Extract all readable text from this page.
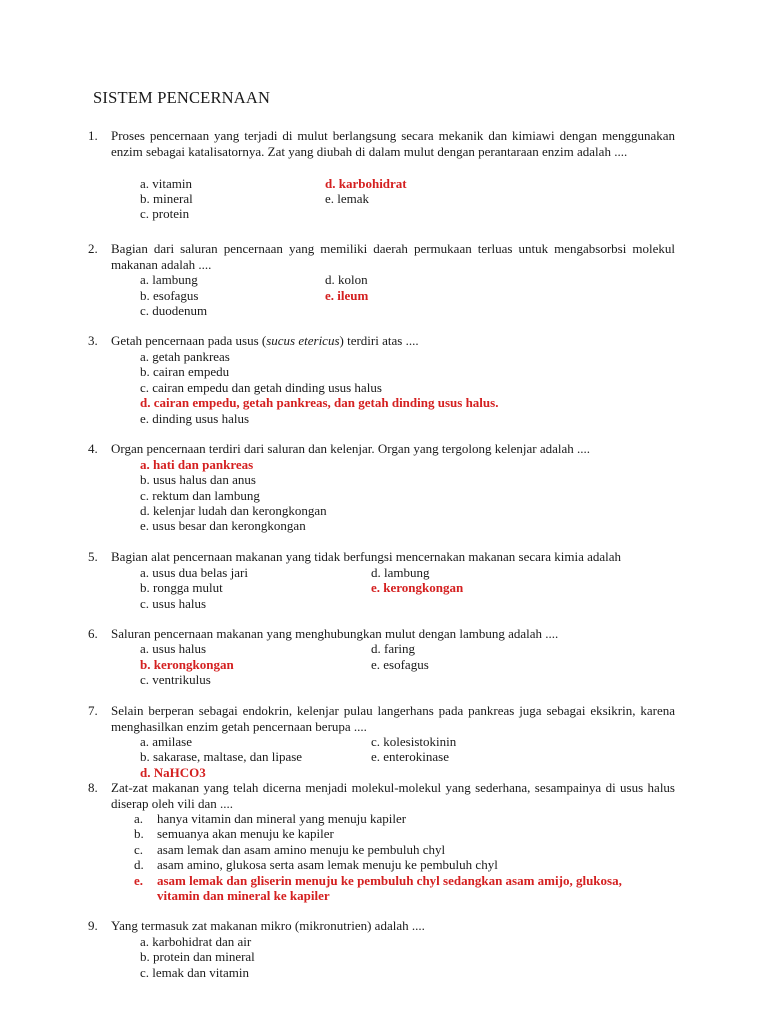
SISTEM PENCERNAAN
1. Proses pencernaan yang terjadi di mulut berlangsung secara mekanik dan kimiawi dengan menggunakan enzim sebagai katalisatornya. Zat yang diubah di dalam mulut dengan perantaraan enzim adalah ....
a. vitamin
b. mineral
c. protein
d. karbohidrat
e. lemak
2. Bagian dari saluran pencernaan yang memiliki daerah permukaan terluas untuk mengabsorbsi molekul makanan adalah ....
a. lambung
b. esofagus
c. duodenum
d. kolon
e. ileum
3. Getah pencernaan pada usus (sucus etericus) terdiri atas ....
a. getah pankreas
b. cairan empedu
c. cairan empedu dan getah dinding usus halus
d. cairan empedu, getah pankreas, dan getah dinding usus halus.
e. dinding usus halus
4. Organ pencernaan terdiri dari saluran dan kelenjar. Organ yang tergolong kelenjar adalah ....
a. hati dan pankreas
b. usus halus dan anus
c. rektum dan lambung
d. kelenjar ludah dan kerongkongan
e. usus besar dan kerongkongan
5. Bagian alat pencernaan makanan yang tidak berfungsi mencernakan makanan secara kimia adalah
a. usus dua belas jari
b. rongga mulut
c. usus halus
d. lambung
e. kerongkongan
6. Saluran pencernaan makanan yang menghubungkan mulut dengan lambung adalah ....
a. usus halus
b. kerongkongan
c. ventrikulus
d. faring
e. esofagus
7. Selain berperan sebagai endokrin, kelenjar pulau langerhans pada pankreas juga sebagai eksikrin, karena menghasilkan enzim getah pencernaan berupa ....
a. amilase
b. sakarase, maltase, dan lipase
d. NaHCO3
c. kolesistokinin
e. enterokinase
8. Zat-zat makanan yang telah dicerna menjadi molekul-molekul yang sederhana, sesampainya di usus halus diserap oleh vili dan ....
a. hanya vitamin dan mineral yang menuju kapiler
b. semuanya akan menuju ke kapiler
c. asam lemak dan asam amino menuju ke pembuluh chyl
d. asam amino, glukosa serta asam lemak menuju ke pembuluh chyl
e. asam lemak dan gliserin menuju ke pembuluh chyl sedangkan asam amijo, glukosa,
vitamin dan mineral ke kapiler
9. Yang termasuk zat makanan mikro (mikronutrien) adalah ....
a. karbohidrat dan air
b. protein dan mineral
c. lemak dan vitamin
